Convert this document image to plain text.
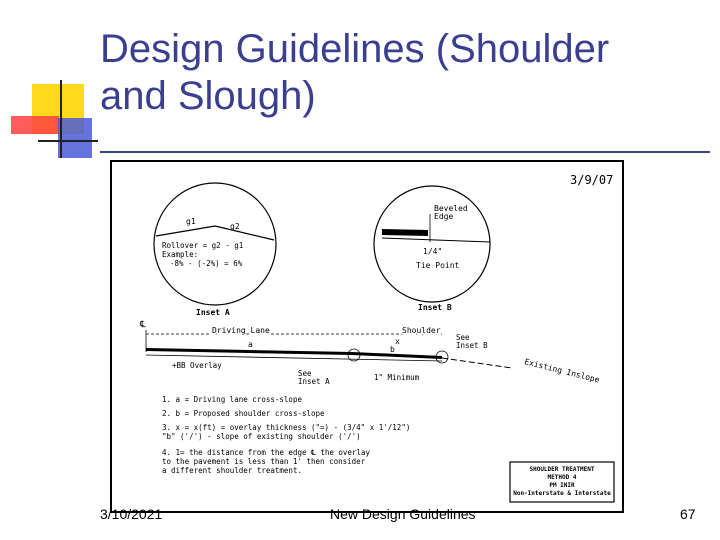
Design Guidelines (Shoulder
and Slough)
3/9/07
g1
g2
Rollover = g2 - g1
Example:
-8% - (-2%) = 6%
Inset A
Beveled
Edge
1/4"
Tie Point
Inset B
℄
Driving Lane	Shoulder
See
Inset B
a	x
b
+BB Overlay
See
Inset A	1" Minimum	Existing Inslope
1. a = Driving lane cross-slope
2. b = Proposed shoulder cross-slope
3. x = x(ft) = overlay thickness ("=) - (3/4" x 1'/12")
"b" ('/') - slope of existing shoulder ('/')
4. 1= the distance from the edge ℄ the overlay
to the pavement is less than 1' then consider
a different shoulder treatment.	SHOULDER TREATMENT
METHOD 4
PM INIR
Non-Interstate & Interstate
3/10/2021	New Design Guidelines	67
